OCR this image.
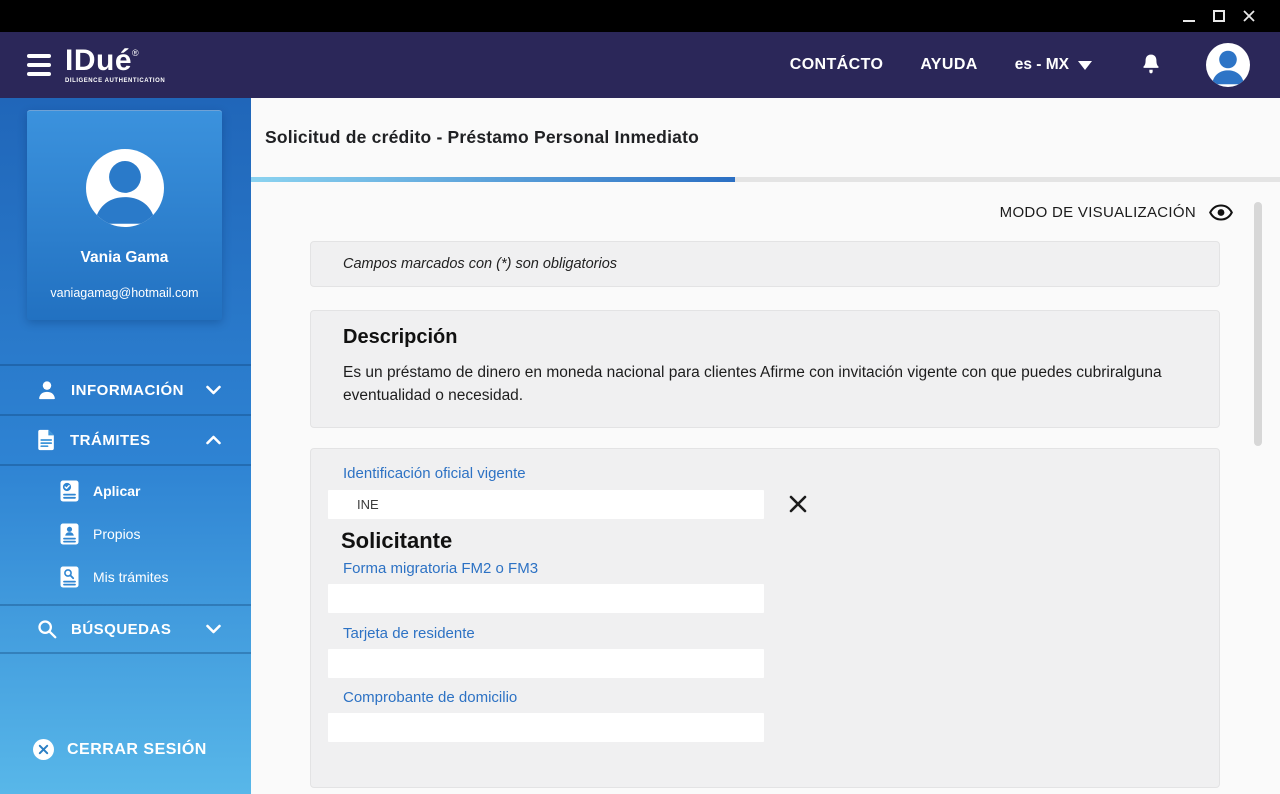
IDué®
DILIGENCE AUTHENTICATION
CONTÁCTO AYUDA es - MX
Vania Gama
vaniagamag@hotmail.com
INFORMACIÓN
TRÁMITES
Aplicar
Propios
Mis trámites
BÚSQUEDAS
CERRAR SESIÓN
Solicitud de crédito - Préstamo Personal Inmediato
MODO DE VISUALIZACIÓN
Campos marcados con (*) son obligatorios
Descripción
Es un préstamo de dinero en moneda nacional para clientes Afirme con invitación vigente con que puedes cubriralguna eventualidad o necesidad.
Identificación oficial vigente
INE
Solicitante
Forma migratoria FM2 o FM3
Tarjeta de residente
Comprobante de domicilio
